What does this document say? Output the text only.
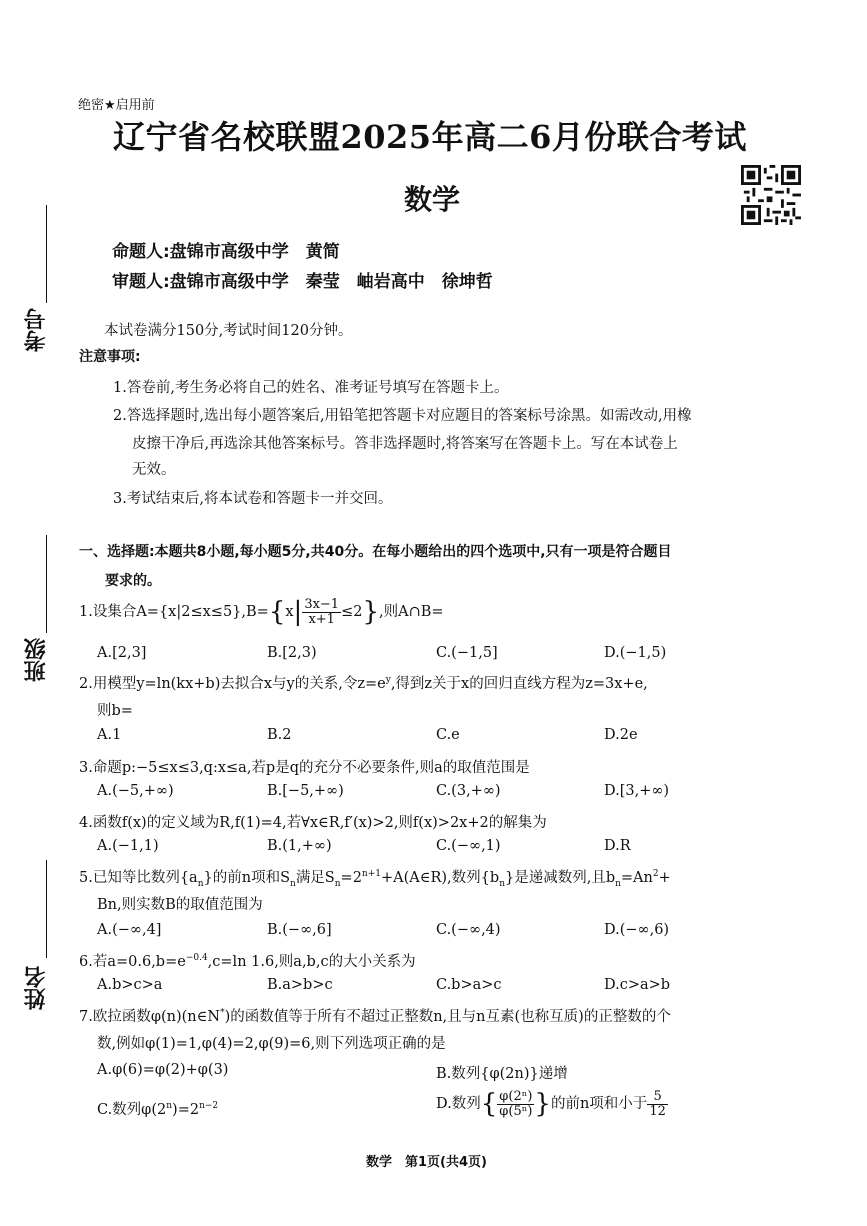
考号
班级
姓名
绝密★启用前
辽宁省名校联盟2025年高二6月份联合考试
数学
命题人:盘锦市高级中学　黄简
审题人:盘锦市高级中学　秦莹　岫岩高中　徐坤哲
本试卷满分150分,考试时间120分钟。
注意事项:
1.答卷前,考生务必将自己的姓名、准考证号填写在答题卡上。
2.答选择题时,选出每小题答案后,用铅笔把答题卡对应题目的答案标号涂黑。如需改动,用橡
皮擦干净后,再选涂其他答案标号。答非选择题时,将答案写在答题卡上。写在本试卷上
无效。
3.考试结束后,将本试卷和答题卡一并交回。
一、选择题:本题共8小题,每小题5分,共40分。在每小题给出的四个选项中,只有一项是符合题目
要求的。
1.设集合$A=\{x|2\le x\le 5\},B=\{x| \frac{3x-1}{x+1} \le 2\}$,则A∩B=
A.[2,3]	B.[2,3)	C.(−1,5]	D.(−1,5)
2.用模型y=ln(kx+b)去拟合x与y的关系,令$z=e^y$,得到z关于x的回归直线方程为z=3x+e,
则b=
A.1	B.2	C.e	D.2e
3.命题p:−5≤x≤3,q:x≤a,若p是q的充分不必要条件,则a的取值范围是
A.(−5,+∞)	B.[−5,+∞)	C.(3,+∞)	D.[3,+∞)
4.函数f(x)的定义域为R,f(1)=4,若∀x∈R,f′(x)>2,则f(x)>2x+2的解集为
A.(−1,1)	B.(1,+∞)	C.(−∞,1)	D.R
5.已知等比数列$\{a_n\}$的前n项和$S_n$满足$S_n=2^{n+1}+A(A\in R)$,数列$\{b_n\}$是递减数列,且$b_n=An^2+$
Bn,则实数B的取值范围为
A.(−∞,4]	B.(−∞,6]	C.(−∞,4)	D.(−∞,6)
6.若$a=0.6,b=e^{-0.4},c=\ln$ 1.6,则a,b,c的大小关系为
A.b>c>a	B.a>b>c	C.b>a>c	D.c>a>b
7.欧拉函数φ(n)(n∈N*)的函数值等于所有不超过正整数n,且与n互素(也称互质)的正整数的个
数,例如φ(1)=1,φ(4)=2,φ(9)=6,则下列选项正确的是
A.φ(6)=φ(2)+φ(3)	B.数列{φ(2n)}递增
C.数列$\varphi(2^n)=2^{n-2}$	D.数列{ $\frac{\text{φ(2ⁿ)}}{\text{φ(5ⁿ)}}$ }的前n项和小于 $\frac{5}{12}$
数学　第1页(共4页)
